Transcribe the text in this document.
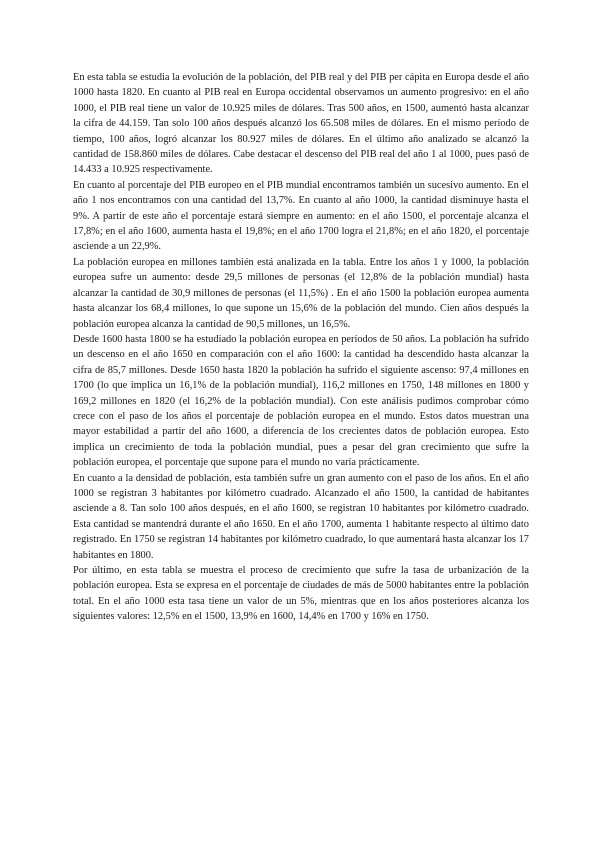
En esta tabla se estudia la evolución de la población, del PIB real y del PIB per cápita en Europa desde el año 1000 hasta 1820. En cuanto al PIB real en Europa occidental observamos un aumento progresivo: en el año 1000, el PIB real tiene un valor de 10.925 miles de dólares. Tras 500 años, en 1500, aumentó hasta alcanzar la cifra de 44.159. Tan solo 100 años después alcanzó los 65.508 miles de dólares. En el mismo período de tiempo, 100 años, logró alcanzar los 80.927 miles de dólares. En el último año analizado se alcanzó la cantidad de 158.860 miles de dólares. Cabe destacar el descenso del PIB real del año 1 al 1000, pues pasó de 14.433 a 10.925 respectivamente.

En cuanto al porcentaje del PIB europeo en el PIB mundial encontramos también un sucesivo aumento. En el año 1 nos encontramos con una cantidad del 13,7%. En cuanto al año 1000, la cantidad disminuye hasta el 9%. A partir de este año el porcentaje estará siempre en aumento: en el año 1500, el porcentaje alcanza el 17,8%; en el año 1600, aumenta hasta el 19,8%; en el año 1700 logra el 21,8%; en el año 1820, el porcentaje asciende a un 22,9%.

La población europea en millones también está analizada en la tabla. Entre los años 1 y 1000, la población europea sufre un aumento: desde 29,5 millones de personas (el 12,8% de la población mundial) hasta alcanzar la cantidad de 30,9 millones de personas (el 11,5%) . En el año 1500 la población europea aumenta hasta alcanzar los 68,4 millones, lo que supone un 15,6% de la población del mundo. Cien años después la población europea alcanza la cantidad de 90,5 millones, un 16,5%.

Desde 1600 hasta 1800 se ha estudiado la población europea en períodos de 50 años. La población ha sufrido un descenso en el año 1650 en comparación con el año 1600: la cantidad ha descendido hasta alcanzar la cifra de 85,7 millones. Desde 1650 hasta 1820 la población ha sufrido el siguiente ascenso: 97,4 millones en 1700 (lo que implica un 16,1% de la población mundial), 116,2 millones en 1750, 148 millones en 1800 y 169,2 millones en 1820 (el 16,2% de la población mundial). Con este análisis pudimos comprobar cómo crece con el paso de los años el porcentaje de población europea en el mundo. Estos datos muestran una mayor estabilidad a partir del año 1600, a diferencia de los crecientes datos de población europea. Esto implica un crecimiento de toda la población mundial, pues a pesar del gran crecimiento que sufre la población europea, el porcentaje que supone para el mundo no varía prácticamente.

En cuanto a la densidad de población, esta también sufre un gran aumento con el paso de los años. En el año 1000 se registran 3 habitantes por kilómetro cuadrado. Alcanzado el año 1500, la cantidad de habitantes asciende a 8. Tan solo 100 años después, en el año 1600, se registran 10 habitantes por kilómetro cuadrado. Esta cantidad se mantendrá durante el año 1650. En el año 1700, aumenta 1 habitante respecto al último dato registrado. En 1750 se registran 14 habitantes por kilómetro cuadrado, lo que aumentará hasta alcanzar los 17 habitantes en 1800.

Por último, en esta tabla se muestra el proceso de crecimiento que sufre la tasa de urbanización de la población europea. Esta se expresa en el porcentaje de ciudades de más de 5000 habitantes entre la población total. En el año 1000 esta tasa tiene un valor de un 5%, mientras que en los años posteriores alcanza los siguientes valores: 12,5% en el 1500, 13,9% en 1600, 14,4% en 1700 y 16% en 1750.
